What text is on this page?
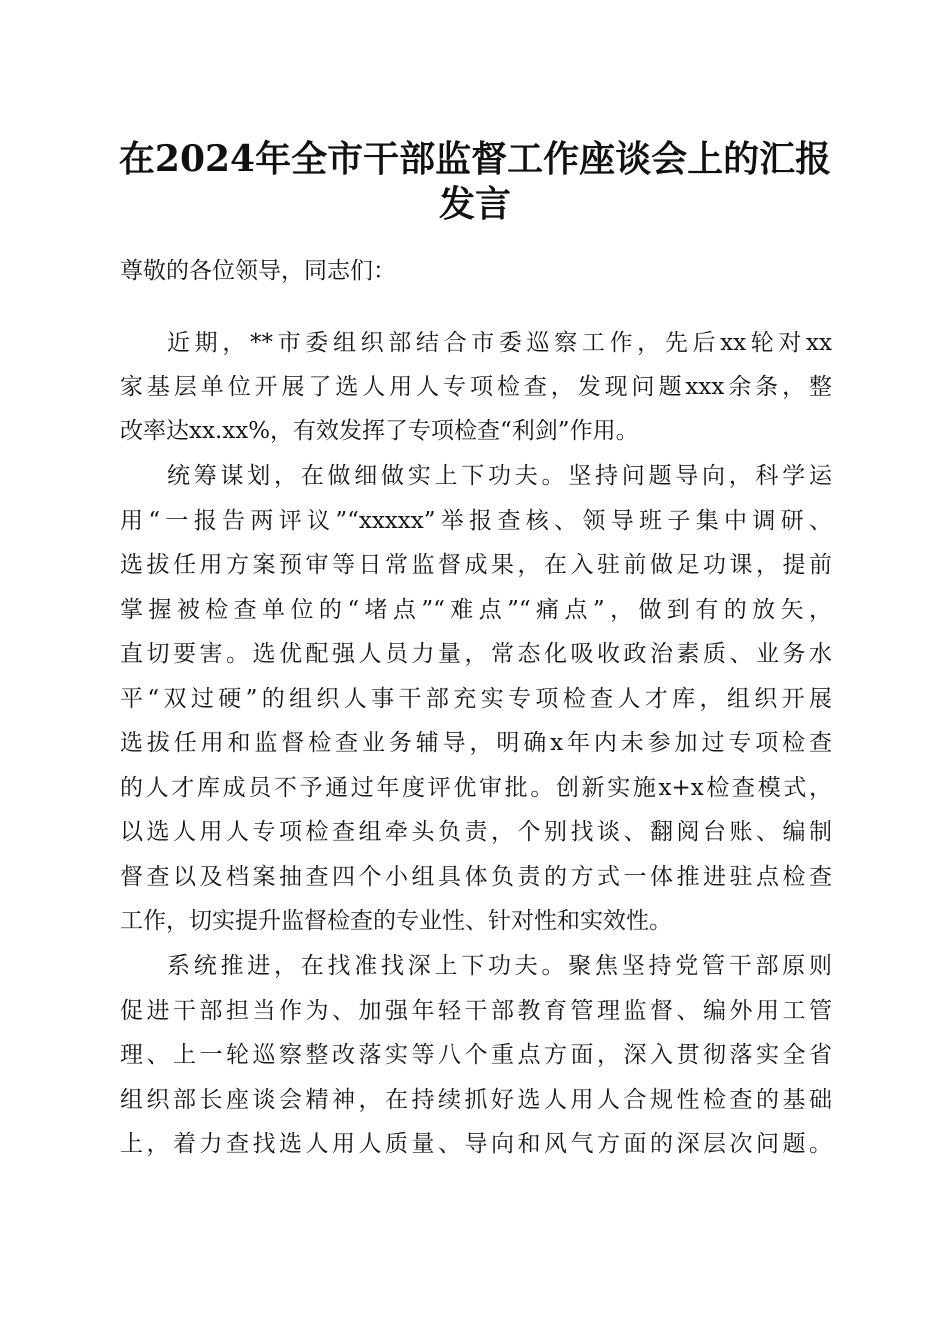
在2024年全市干部监督工作座谈会上的汇报
发言

尊敬的各位领导，同志们：

近期，**市委组织部结合市委巡察工作，先后xx轮对xx

家基层单位开展了选人用人专项检查，发现问题xxx余条，整

改率达xx.xx%，有效发挥了专项检查“利剑”作用。

统筹谋划，在做细做实上下功夫。坚持问题导向，科学运

用“一报告两评议”“xxxxx”举报查核、领导班子集中调研、

选拔任用方案预审等日常监督成果，在入驻前做足功课，提前

掌握被检查单位的“堵点”“难点”“痛点”，做到有的放矢，

直切要害。选优配强人员力量，常态化吸收政治素质、业务水

平“双过硬”的组织人事干部充实专项检查人才库，组织开展

选拔任用和监督检查业务辅导，明确x年内未参加过专项检查

的人才库成员不予通过年度评优审批。创新实施x+x检查模式，

以选人用人专项检查组牵头负责，个别找谈、翻阅台账、编制

督查以及档案抽查四个小组具体负责的方式一体推进驻点检查

工作，切实提升监督检查的专业性、针对性和实效性。

系统推进，在找准找深上下功夫。聚焦坚持党管干部原则

促进干部担当作为、加强年轻干部教育管理监督、编外用工管

理、上一轮巡察整改落实等八个重点方面，深入贯彻落实全省

组织部长座谈会精神，在持续抓好选人用人合规性检查的基础

上，着力查找选人用人质量、导向和风气方面的深层次问题。
